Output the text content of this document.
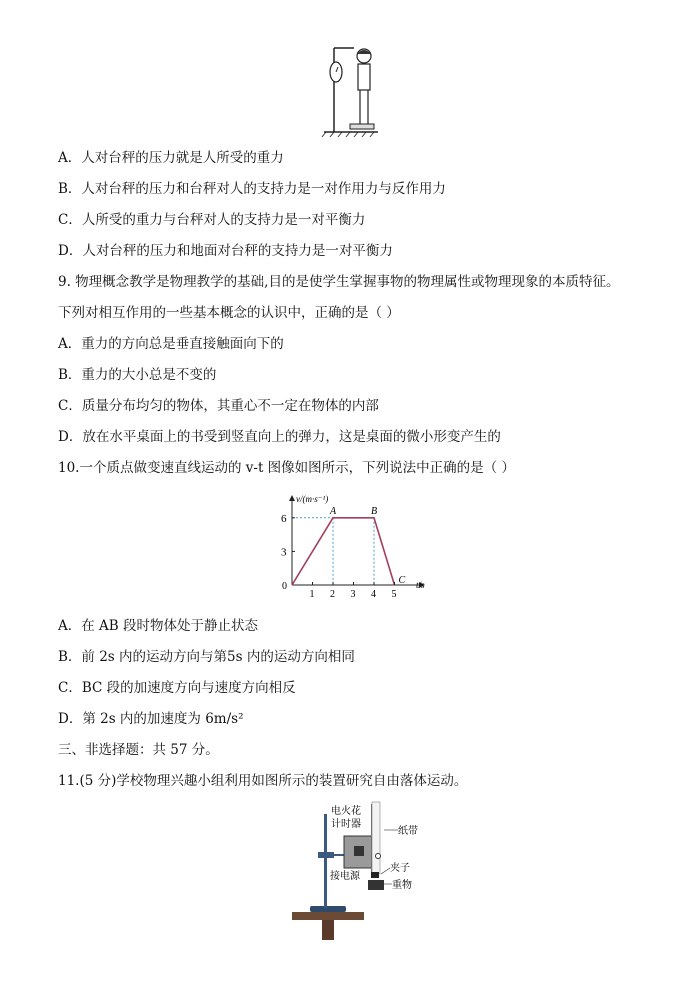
A．人对台秤的压力就是人所受的重力
B．人对台秤的压力和台秤对人的支持力是一对作用力与反作用力
C．人所受的重力与台秤对人的支持力是一对平衡力
D．人对台秤的压力和地面对台秤的支持力是一对平衡力
9. 物理概念教学是物理教学的基础,目的是使学生掌握事物的物理属性或物理现象的本质特征。
下列对相互作用的一些基本概念的认识中，正确的是（ ）
A．重力的方向总是垂直接触面向下的
B．重力的大小总是不变的
C．质量分布均匀的物体，其重心不一定在物体的内部
D．放在水平桌面上的书受到竖直向上的弹力，这是桌面的微小形变产生的
10.一个质点做变速直线运动的 v-t 图像如图所示，下列说法中正确的是（ ）
v/(m·s⁻¹)
t/s
0
1 2 3 4 5
3
6
A	B
C
A．在 AB 段时物体处于静止状态
B．前 2s 内的运动方向与第5s 内的运动方向相同
C．BC 段的加速度方向与速度方向相反
D．第 2s 内的加速度为 6m/s²
三、非选择题：共 57 分。
11.(5 分)学校物理兴趣小组利用如图所示的装置研究自由落体运动。
纸带
电火花
计时器
夹子
接电源
重物
